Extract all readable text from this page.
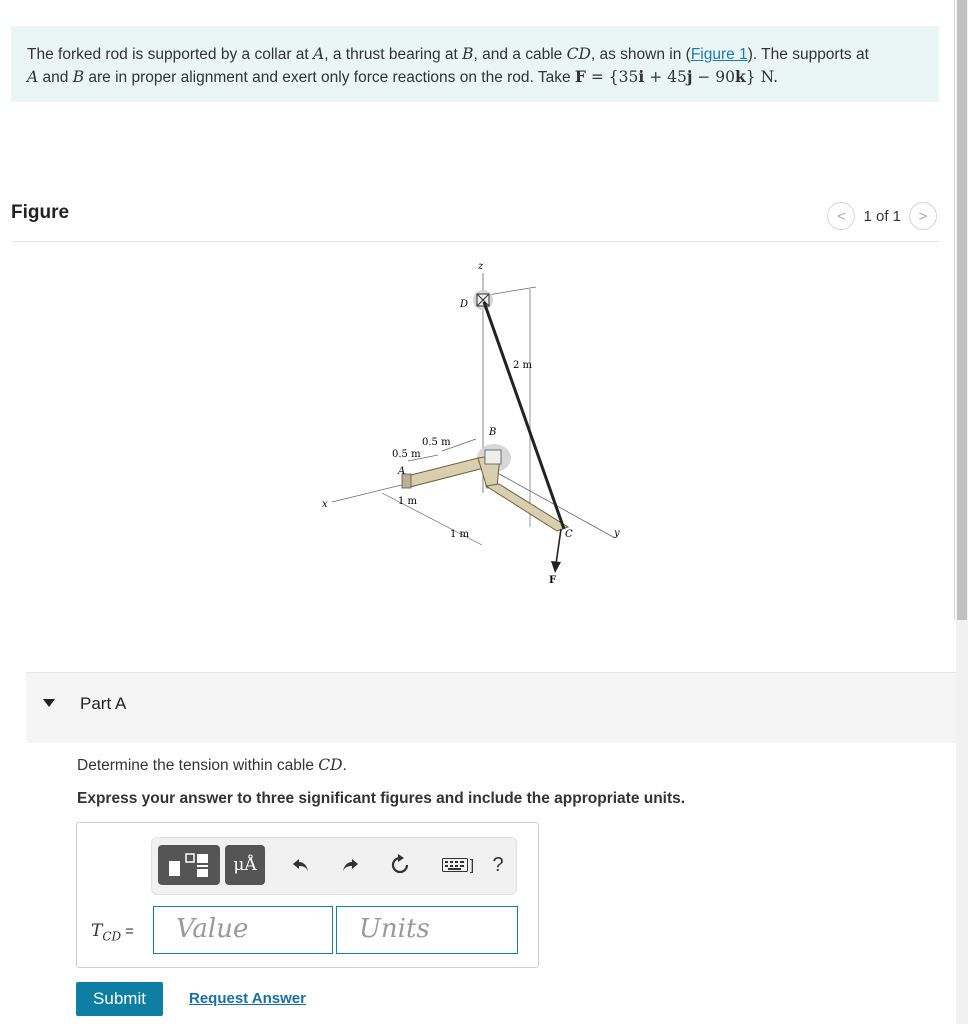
The forked rod is supported by a collar at A, a thrust bearing at B, and a cable CD, as shown in (Figure 1). The supports at
A and B are in proper alignment and exert only force reactions on the rod. Take F = {35i + 45j − 90k} N.
Figure	< 1 of 1 >
z
D
2 m
B
0.5 m
0.5 m
A
x	1 m
1 m	C	y
F
Part A
Determine the tension within cable CD.
Express your answer to three significant figures and include the appropriate units.
μÅ	] ?
$T_{CD}$ =	Value	Units
Submit	Request Answer
